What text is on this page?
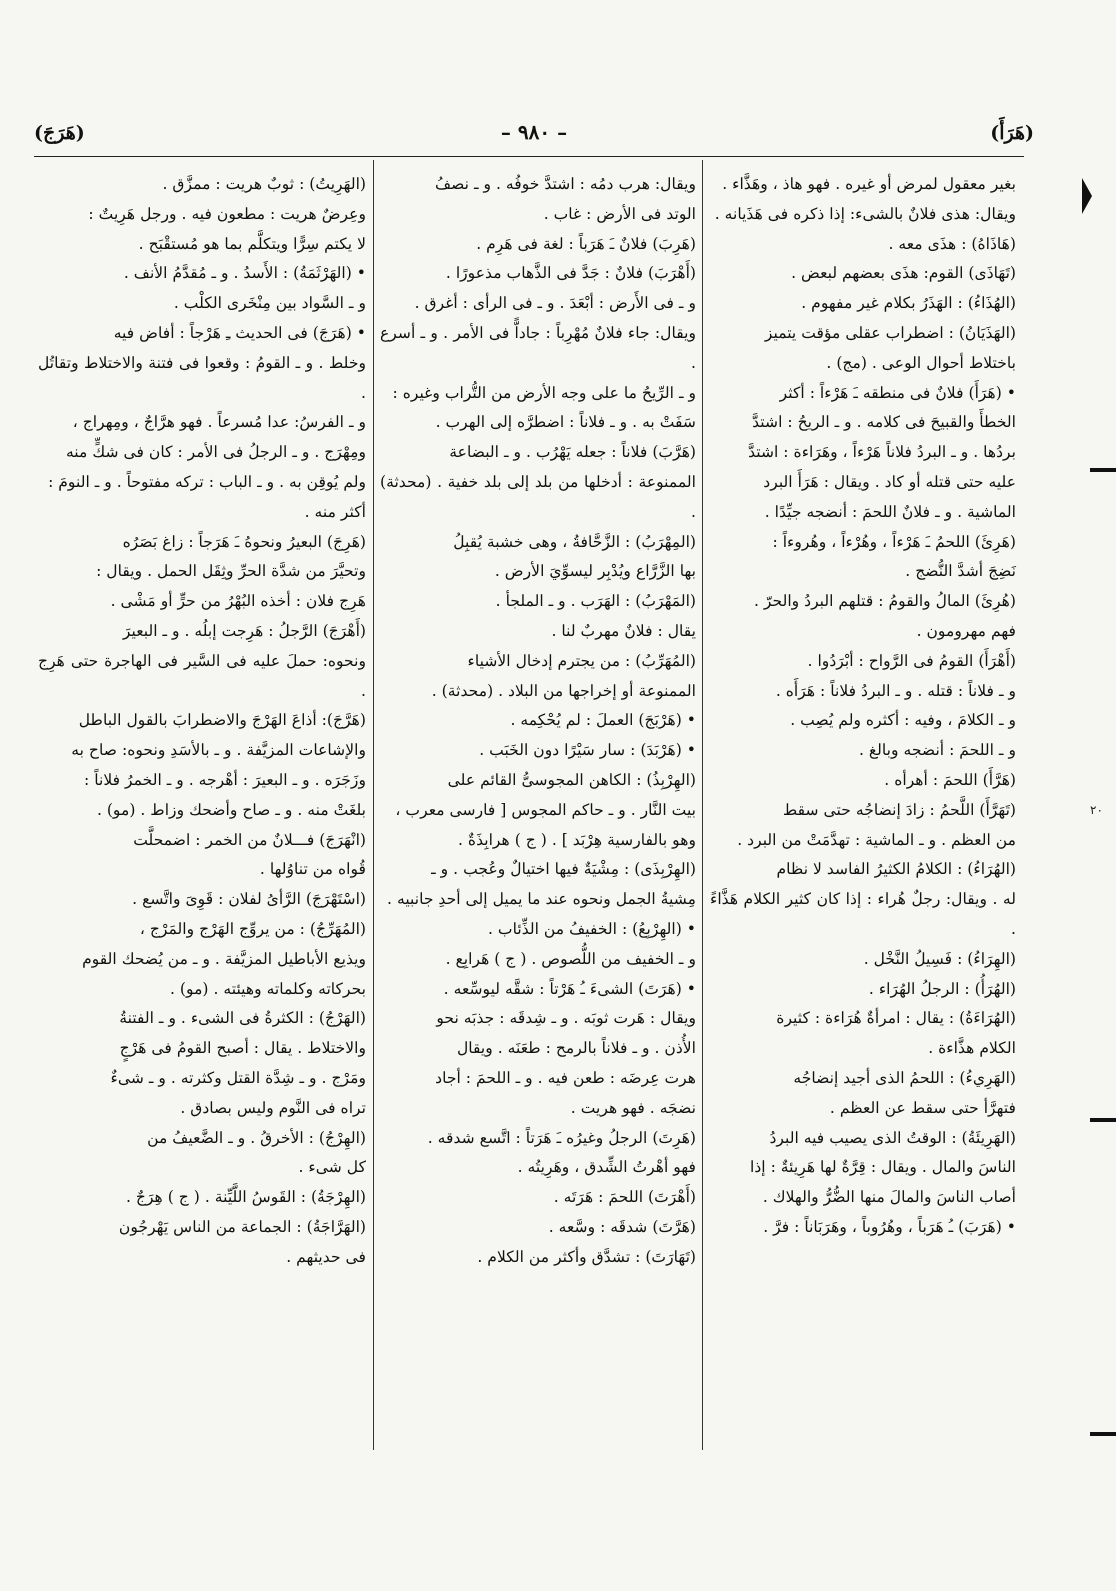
(هَرَأَ)
– ٩٨٠ –
(هَرَجَ)

بغير معقول لمرض أو غيره . فهو هاذ ، وهَذَّاء .

ويقال: هذى فلانٌ بالشىء: إذا ذكره فى هَذَيانه .

(هَاذَاهُ) : هذَى معه .

(تَهَاذَى) القوم: هذَى بعضهم لبعض .

(الهُذَاءُ) : الهَذَرُ بكلام غير مفهوم .

(الهَذَيَانُ) : اضطراب عقلى مؤقت يتميز

باختلاط أحوال الوعى . (مج) .

• (هَرَأَ) فلانٌ فى منطقه ـَ هَرْءاً : أكثر

الخطأَ والقبيحَ فى كلامه . و ـ الريحُ : اشتدَّ

بردُها . و ـ البردُ فلاناً هَرْءاً ، وهَرَاءة : اشتدَّ

عليه حتى قتله أو كاد . ويقال : هَرَأَ البرد

الماشية . و ـ فلانٌ اللحمَ : أنضجه جيِّدًا .

(هَرِئَ) اللحمُ ـَ هَرْءاً ، وهُرْءاً ، وهُروءاً :

نَضِجَ أشدَّ النُّضج .

(هُرِئَ) المالُ والقومُ : قتلهم البردُ والحرّ .

فهم مهرومون .

(أَهْرَأَ) القومُ فى الرَّواح : أبْرَدُوا .

و ـ فلاناً : قتله . و ـ البردُ فلاناً : هَرَأَه .

و ـ الكلامَ ، وفيه : أكثره ولم يُصِب .

و ـ اللحمَ : أنضجه وبالغ .

(هَرَّأَ) اللحمَ : أهرأه .

(تَهَرَّأَ) اللَّحمُ : زادَ إنضاجُه حتى سقط

من العظم . و ـ الماشية : تهدَّمَتْ من البرد .

(الهُرَاءُ) : الكلامُ الكثيرُ الفاسد لا نظام

له . ويقال: رجلٌ هُراء : إذا كان كثير الكلام هَذَّاءً .

(الهِرَاءُ) : فَسِيلُ النَّخْل .

(الهُرَأُ) : الرجلُ الهُرَاء .

(الهُرَاءَةُ) : يقال : امرأةٌ هُرَاءة : كثيرة

الكلام هذَّاءة .

(الهَرِيءُ) : اللحمُ الذى أجيد إنضاجُه

فتهرَّأ حتى سقط عن العظم .

(الهَرِيئَةُ) : الوقتُ الذى يصيب فيه البردُ

الناسَ والمال . ويقال : قِرَّةٌ لها هَرِيئةٌ : إذا

أصاب الناسَ والمالَ منها الضُّرُّ والهلاك .

• (هَرَبَ) ـُ هَرَباً ، وهُرُوباً ، وهَرَبَاناً : فرَّ .

ويقال: هرب دمُه : اشتدَّ خوفُه . و ـ نصفُ

الوتد فى الأرض : غاب .

(هَرِبَ) فلانٌ ـَ هَرَباً : لغة فى هَرِم .

(أَهْرَبَ) فلانٌ : جَدَّ فى الذَّهاب مذعورًا .

و ـ فى الأَرض : أبْعَدَ . و ـ فى الرأى : أغرق .

ويقال: جاء فلانٌ مُهْرِباً : جاداًّ فى الأمر . و ـ أسرع .

و ـ الرِّيحُ ما على وجه الأرض من التُّراب وغيره :

سَفَتْ به . و ـ فلاناً : اضطرَّه إلى الهرب .

(هَرَّبَ) فلاناً : جعله يَهْرُب . و ـ البضاعة

الممنوعة : أدخلها من بلد إلى بلد خفية . (محدثة) .

(المِهْرَبُ) : الزَّحَّافةُ ، وهى خشبة يُقبِلُ

بها الزَّرَّاع ويُدْبِر ليسوِّيَ الأرض .

(المَهْرَبُ) : الهَرَب . و ـ الملجأ .

يقال : فلانٌ مهربٌ لنا .

(المُهَرِّبُ) : من يجترم إدخال الأشياء

الممنوعة أو إخراجها من البلاد . (محدثة) .

• (هَرْبَجَ) العملَ : لم يُحْكِمه .

• (هَرْبَدَ) : سار سَيْرًا دون الخَبَب .

(الهِرْبِذُ) : الكاهن المجوسىُّ القائم على

بيت النَّار . و ـ حاكم المجوس [ فارسى معرب ،

وهو بالفارسية هِرْبَد ] . ( ج ) هرابِذَةٌ .

(الهِرْبِذَى) : مِشْيَةٌ فيها اختيالٌ وعُجب . و ـ

مِشيةُ الجمل ونحوه عند ما يميل إلى أحدِ جانبيه .

• (الهِرْبِعُ) : الخفيفُ من الذِّئاب .

و ـ الخفيف من اللُّصوص . ( ج ) هَرابِع .

• (هَرَتَ) الشىءَ ـُ هَرْتاً : شقَّه ليوسِّعه .

ويقال : هَرت ثوبَه . و ـ شِدقَه : جذبَه نحو

الأُذن . و ـ فلاناً بالرمح : طعَنَه . ويقال

هرت عِرضَه : طعن فيه . و ـ اللحمَ : أجاد

نضجَه . فهو هريت .

(هَرِتَ) الرجلُ وغيرُه ـَ هَرَتاً : اتَّسع شدقه .

فهو أهْرتُ الشِّدق ، وهَرِيتُه .

(أَهْرَتَ) اللحمَ : هَرَتَه .

(هَرَّتَ) شدقَه : وسَّعه .

(تَهَارَتَ) : تشدَّق وأكثر من الكلام .

(الهَرِيتُ) : ثوبٌ هريت : ممزَّق .

وعِرضٌ هريت : مطعون فيه . ورجل هَرِيتٌ :

لا يكتم سِرًّا ويتكلَّم بما هو مُستقْبَح .

• (الهَرْثَمَةُ) : الأَسدُ . و ـ مُقدَّمُ الأنف .

و ـ السَّواد بين مِنْخَرى الكلْب .

• (هَرَجَ) فى الحديث ـِ هَرْجاً : أفاض فيه

وخلط . و ـ القومُ : وقعوا فى فتنة والاختلاط وتقاتُل .

و ـ الفرسُ: عدا مُسرعاً . فهو هرَّاجٌ ، ومِهراج ،

ومِهْرَج . و ـ الرجلُ فى الأمر : كان فى شكٍّ منه

ولم يُوقِن به . و ـ الباب : تركه مفتوحاً . و ـ النومَ :

أكثر منه .

(هَرِجَ) البعيرُ ونحوهُ ـَ هَرَجاً : زاغ بَصَرُه

وتحيَّرَ من شدَّة الحرِّ وثِقَل الحمل . ويقال :

هَرِج فلان : أخذه البُهْرُ من حرٍّ أو مَشْى .

(أَهْرَجَ) الرَّجلُ : هَرِجت إبلُه . و ـ البعيرَ

ونحوه: حملَ عليه فى السَّير فى الهاجرة حتى هَرِج .

(هَرَّجَ): أذاعَ الهَرْجَ والاضطرابَ بالقول الباطل

والإشاعات المزيَّفة . و ـ بالأسَدِ ونحوه: صاح به

وزَجَرَه . و ـ البعيرَ : أهْرجه . و ـ الخمرُ فلاناً :

بلغَتْ منه . و ـ صاح وأضحك وزاط . (مو) .

(انْهَرَجَ) فـــلانٌ من الخمر : اضمحلَّت

قُواه من تناوُلها .

(اسْتَهْرَجَ) الرَّأىُ لفلان : قَوِىَ واتَّسع .

(المُهَرِّجُ) : من يروِّج الهَرْج والمَرْج ،

ويذيع الأباطيل المزيَّفة . و ـ من يُضحك القوم

بحركاته وكلماته وهيئته . (مو) .

(الهَرْجُ) : الكثرةُ فى الشىء . و ـ الفتنةُ

والاختلاط . يقال : أصبح القومُ فى هَرْجٍ

ومَرْج . و ـ شِدَّة القتل وكثرته . و ـ شىءٌ

تراه فى النَّوم وليس بصادق .

(الهِرْجُ) : الأخرقُ . و ـ الضَّعيفُ من

كل شىء .

(الهِرْجَةُ) : القَوسُ اللَّيِّنة . ( ج ) هِرَجٌ .

(الهَرَّاجَةُ) : الجماعة من الناس يَهْرجُون

فى حديثهم .

٢٠
